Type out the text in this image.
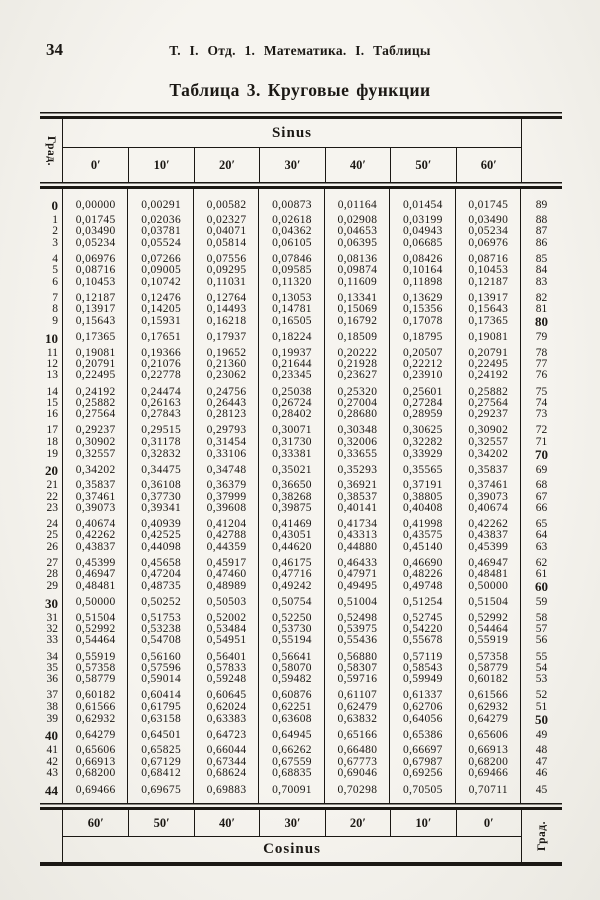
34	Т. I. Отд. 1. Математика. I. Таблицы
Таблица 3. Круговые функции
Град.
Sinus
0′	10′	20′	30′	40′	50′	60′
0	0,00000	0,00291	0,00582	0,00873	0,01164	0,01454	0,01745	89
1	0,01745	0,02036	0,02327	0,02618	0,02908	0,03199	0,03490	88
2	0,03490	0,03781	0,04071	0,04362	0,04653	0,04943	0,05234	87
3	0,05234	0,05524	0,05814	0,06105	0,06395	0,06685	0,06976	86
4	0,06976	0,07266	0,07556	0,07846	0,08136	0,08426	0,08716	85
5	0,08716	0,09005	0,09295	0,09585	0,09874	0,10164	0,10453	84
6	0,10453	0,10742	0,11031	0,11320	0,11609	0,11898	0,12187	83
7	0,12187	0,12476	0,12764	0,13053	0,13341	0,13629	0,13917	82
8	0,13917	0,14205	0,14493	0,14781	0,15069	0,15356	0,15643	81
9	0,15643	0,15931	0,16218	0,16505	0,16792	0,17078	0,17365	80
10	0,17365	0,17651	0,17937	0,18224	0,18509	0,18795	0,19081	79
11	0,19081	0,19366	0,19652	0,19937	0,20222	0,20507	0,20791	78
12	0,20791	0,21076	0,21360	0,21644	0,21928	0,22212	0,22495	77
13	0,22495	0,22778	0,23062	0,23345	0,23627	0,23910	0,24192	76
14	0,24192	0,24474	0,24756	0,25038	0,25320	0,25601	0,25882	75
15	0,25882	0,26163	0,26443	0,26724	0,27004	0,27284	0,27564	74
16	0,27564	0,27843	0,28123	0,28402	0,28680	0,28959	0,29237	73
17	0,29237	0,29515	0,29793	0,30071	0,30348	0,30625	0,30902	72
18	0,30902	0,31178	0,31454	0,31730	0,32006	0,32282	0,32557	71
19	0,32557	0,32832	0,33106	0,33381	0,33655	0,33929	0,34202	70
20	0,34202	0,34475	0,34748	0,35021	0,35293	0,35565	0,35837	69
21	0,35837	0,36108	0,36379	0,36650	0,36921	0,37191	0,37461	68
22	0,37461	0,37730	0,37999	0,38268	0,38537	0,38805	0,39073	67
23	0,39073	0,39341	0,39608	0,39875	0,40141	0,40408	0,40674	66
24	0,40674	0,40939	0,41204	0,41469	0,41734	0,41998	0,42262	65
25	0,42262	0,42525	0,42788	0,43051	0,43313	0,43575	0,43837	64
26	0,43837	0,44098	0,44359	0,44620	0,44880	0,45140	0,45399	63
27	0,45399	0,45658	0,45917	0,46175	0,46433	0,46690	0,46947	62
28	0,46947	0,47204	0,47460	0,47716	0,47971	0,48226	0,48481	61
29	0,48481	0,48735	0,48989	0,49242	0,49495	0,49748	0,50000	60
30	0,50000	0,50252	0,50503	0,50754	0,51004	0,51254	0,51504	59
31	0,51504	0,51753	0,52002	0,52250	0,52498	0,52745	0,52992	58
32	0,52992	0,53238	0,53484	0,53730	0,53975	0,54220	0,54464	57
33	0,54464	0,54708	0,54951	0,55194	0,55436	0,55678	0,55919	56
34	0,55919	0,56160	0,56401	0,56641	0,56880	0,57119	0,57358	55
35	0,57358	0,57596	0,57833	0,58070	0,58307	0,58543	0,58779	54
36	0,58779	0,59014	0,59248	0,59482	0,59716	0,59949	0,60182	53
37	0,60182	0,60414	0,60645	0,60876	0,61107	0,61337	0,61566	52
38	0,61566	0,61795	0,62024	0,62251	0,62479	0,62706	0,62932	51
39	0,62932	0,63158	0,63383	0,63608	0,63832	0,64056	0,64279	50
40	0,64279	0,64501	0,64723	0,64945	0,65166	0,65386	0,65606	49
41	0,65606	0,65825	0,66044	0,66262	0,66480	0,66697	0,66913	48
42	0,66913	0,67129	0,67344	0,67559	0,67773	0,67987	0,68200	47
43	0,68200	0,68412	0,68624	0,68835	0,69046	0,69256	0,69466	46
44	0,69466	0,69675	0,69883	0,70091	0,70298	0,70505	0,70711	45
60′	50′	40′	30′	20′	10′	0′	Град.
Cosinus
